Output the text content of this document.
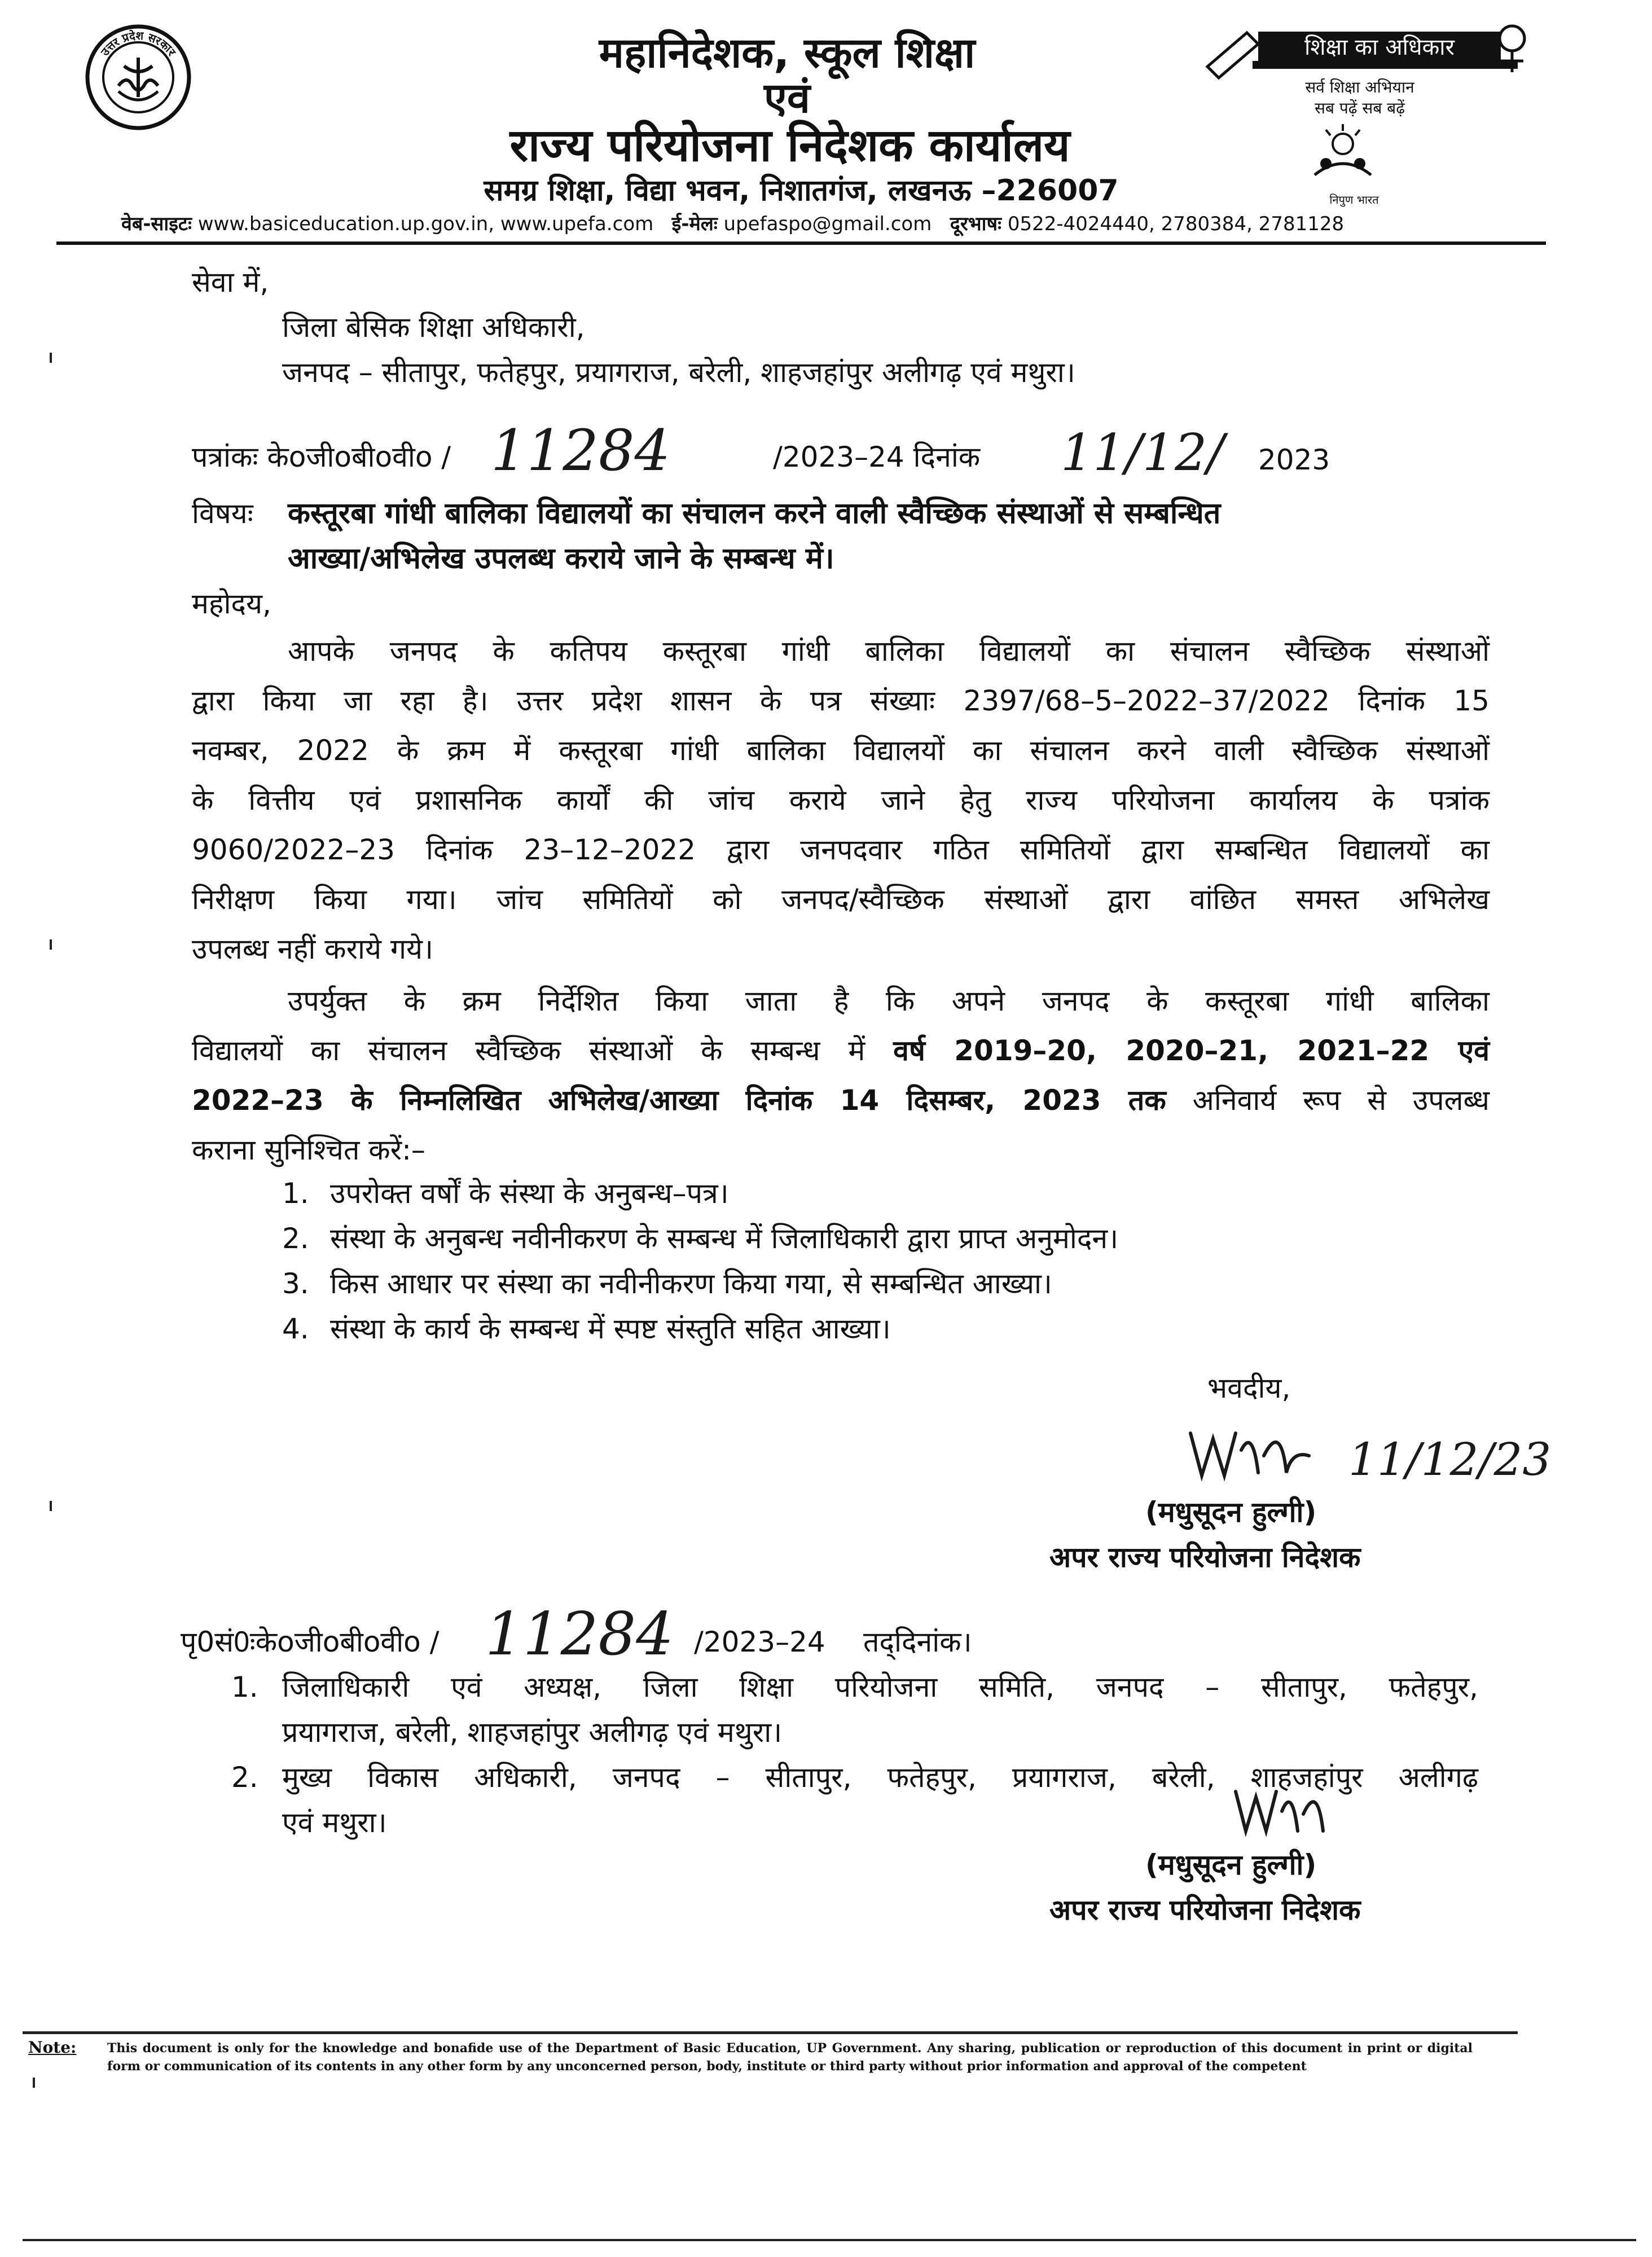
उत्तर प्रदेश सरकार	महानिदेशक, स्कूल शिक्षा
एवं
राज्य परियोजना निदेशक कार्यालय
समग्र शिक्षा, विद्या भवन, निशातगंज, लखनऊ –226007
शिक्षा का अधिकार
सर्व शिक्षा अभियान
सब पढ़ें सब बढ़ें
निपुण भारत
वेब-साइटः www.basiceducation.up.gov.in, www.upefa.com ई-मेलः upefaspo@gmail.com दूरभाषः 0522-4024440, 2780384, 2781128
सेवा में,
जिला बेसिक शिक्षा अधिकारी,
जनपद – सीतापुर, फतेहपुर, प्रयागराज, बरेली, शाहजहांपुर अलीगढ़ एवं मथुरा।
पत्रांकः केoजीoबीoवीo / 11284	/2023–24 दिनांक 11/12/ 2023
विषयः कस्तूरबा गांधी बालिका विद्यालयों का संचालन करने वाली स्वैच्छिक संस्थाओं से सम्बन्धित
आख्या/अभिलेख उपलब्ध कराये जाने के सम्बन्ध में।
महोदय,
आपके जनपद के कतिपय कस्तूरबा गांधी बालिका विद्यालयों का संचालन स्वैच्छिक संस्थाओं
द्वारा किया जा रहा है। उत्तर प्रदेश शासन के पत्र संख्याः 2397/68–5–2022–37/2022 दिनांक 15
नवम्बर, 2022 के क्रम में कस्तूरबा गांधी बालिका विद्यालयों का संचालन करने वाली स्वैच्छिक संस्थाओं
के वित्तीय एवं प्रशासनिक कार्यों की जांच कराये जाने हेतु राज्य परियोजना कार्यालय के पत्रांक
9060/2022–23 दिनांक 23–12–2022 द्वारा जनपदवार गठित समितियों द्वारा सम्बन्धित विद्यालयों का
निरीक्षण किया गया। जांच समितियों को जनपद/स्वैच्छिक संस्थाओं द्वारा वांछित समस्त अभिलेख
उपलब्ध नहीं कराये गये।
उपर्युक्त के क्रम निर्देशित किया जाता है कि अपने जनपद के कस्तूरबा गांधी बालिका
विद्यालयों का संचालन स्वैच्छिक संस्थाओं के सम्बन्ध में वर्ष 2019–20, 2020–21, 2021–22 एवं
2022–23 के निम्नलिखित अभिलेख/आख्या दिनांक 14 दिसम्बर, 2023 तक अनिवार्य रूप से उपलब्ध
कराना सुनिश्चित करें:–
1. उपरोक्त वर्षों के संस्था के अनुबन्ध–पत्र।
2. संस्था के अनुबन्ध नवीनीकरण के सम्बन्ध में जिलाधिकारी द्वारा प्राप्त अनुमोदन।
3. किस आधार पर संस्था का नवीनीकरण किया गया, से सम्बन्धित आख्या।
4. संस्था के कार्य के सम्बन्ध में स्पष्ट संस्तुति सहित आख्या।
भवदीय,
11/12/23
(मधुसूदन हुल्गी)
अपर राज्य परियोजना निदेशक
पृ0सं0ःकेoजीoबीoवीo / 11284 /2023–24 तद्‌दिनांक।
1. जिलाधिकारी एवं अध्यक्ष, जिला शिक्षा परियोजना समिति, जनपद – सीतापुर, फतेहपुर,
प्रयागराज, बरेली, शाहजहांपुर अलीगढ़ एवं मथुरा।
2. मुख्य विकास अधिकारी, जनपद – सीतापुर, फतेहपुर, प्रयागराज, बरेली, शाहजहांपुर अलीगढ़
एवं मथुरा।
(मधुसूदन हुल्गी)
अपर राज्य परियोजना निदेशक
Note: This document is only for the knowledge and bonafide use of the Department of Basic Education, UP Government. Any sharing, publication or reproduction of this document in print or digital form or communication of its contents in any other form by any unconcerned person, body, institute or third party without prior information and approval of the competent
